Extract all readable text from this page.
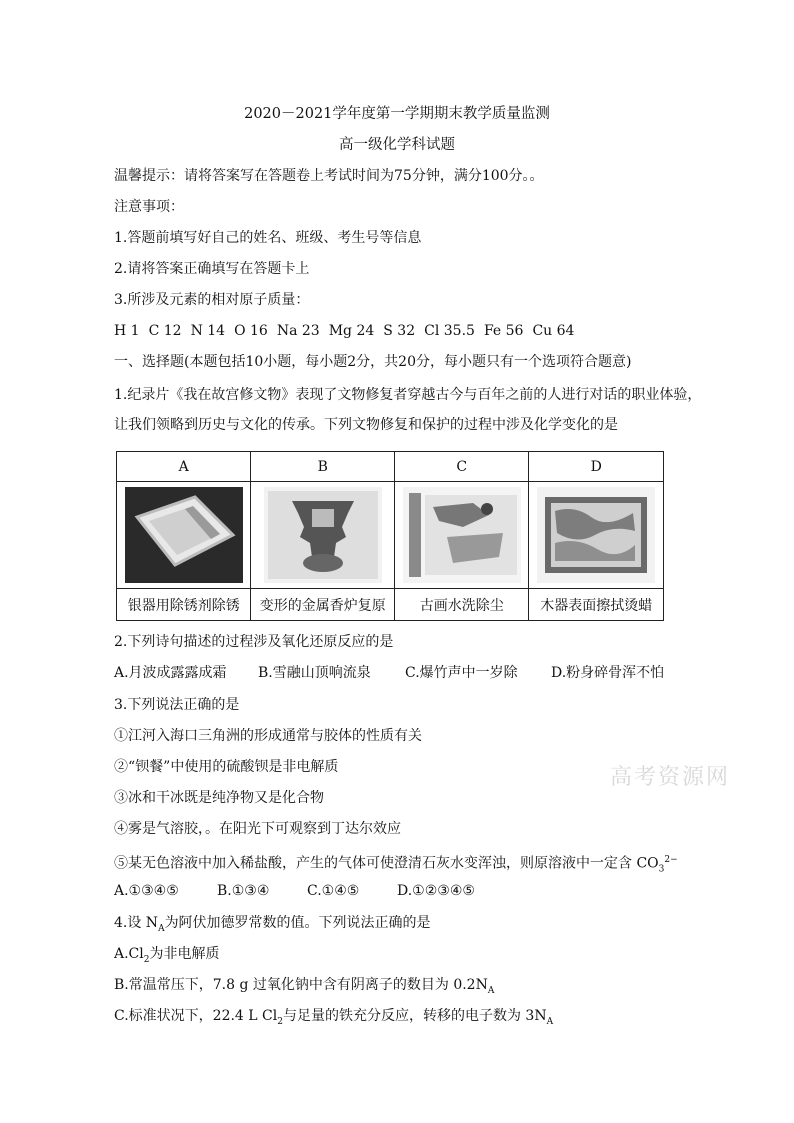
2020－2021学年度第一学期期末教学质量监测
高一级化学科试题
温馨提示：请将答案写在答题卷上考试时间为75分钟，满分100分。。
注意事项：
1.答题前填写好自己的姓名、班级、考生号等信息
2.请将答案正确填写在答题卡上
3.所涉及元素的相对原子质量：
H 1 C 12 N 14 O 16 Na 23 Mg 24 S 32 Cl 35.5 Fe 56 Cu 64
一、选择题(本题包括10小题，每小题2分，共20分，每小题只有一个选项符合题意)
1.纪录片《我在故宫修文物》表现了文物修复者穿越古今与百年之前的人进行对话的职业体验，
让我们领略到历史与文化的传承。下列文物修复和保护的过程中涉及化学变化的是
A	B	C	D

银器用除锈剂除锈	变形的金属香炉复原	古画水洗除尘	木器表面擦拭烫蜡
2.下列诗句描述的过程涉及氧化还原反应的是
A.月波成露露成霜 B.雪融山顶响流泉 C.爆竹声中一岁除 D.粉身碎骨浑不怕
3.下列说法正确的是
①江河入海口三角洲的形成通常与胶体的性质有关
②“钡餐”中使用的硫酸钡是非电解质
③冰和干冰既是纯净物又是化合物
④雾是气溶胶，。在阳光下可观察到丁达尔效应
⑤某无色溶液中加入稀盐酸，产生的气体可使澄清石灰水变浑浊，则原溶液中一定含 $CO_3^{2-}$
A.①③④⑤	B.①③④	C.①④⑤	D.①②③④⑤
4.设 $N_A$为阿伏加德罗常数的值。下列说法正确的是
$A.Cl_2$为非电解质
B.常温常压下，7.8 g 过氧化钠中含有阴离子的数目为 $0.2N_A$
C.标准状况下，22.4 L $Cl_2$与足量的铁充分反应，转移的电子数为 $3N_A$
高考资源网
